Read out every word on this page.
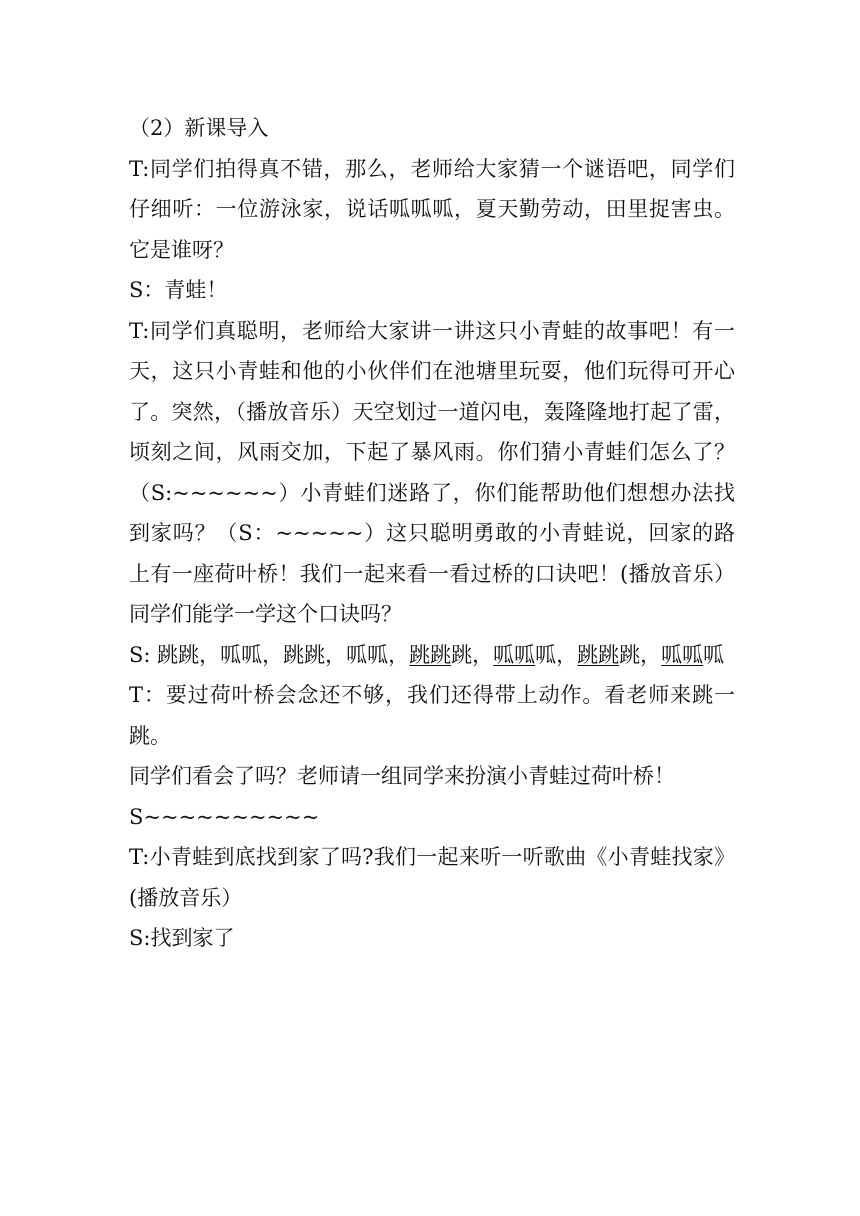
（2）新课导入

T:同学们拍得真不错，那么，老师给大家猜一个谜语吧，同学们仔细听：一位游泳家，说话呱呱呱，夏天勤劳动，田里捉害虫。它是谁呀？

S：青蛙！

T:同学们真聪明，老师给大家讲一讲这只小青蛙的故事吧！有一天，这只小青蛙和他的小伙伴们在池塘里玩耍，他们玩得可开心了。突然，（播放音乐）天空划过一道闪电，轰隆隆地打起了雷，顷刻之间，风雨交加，下起了暴风雨。你们猜小青蛙们怎么了？（S:~~~~~~）小青蛙们迷路了，你们能帮助他们想想办法找到家吗？（S：~~~~~）这只聪明勇敢的小青蛙说，回家的路上有一座荷叶桥！我们一起来看一看过桥的口诀吧！(播放音乐）同学们能学一学这个口诀吗？

S: 跳跳，呱呱，跳跳，呱呱，跳跳跳，呱呱呱，跳跳跳，呱呱呱

T：要过荷叶桥会念还不够，我们还得带上动作。看老师来跳一跳。

同学们看会了吗？老师请一组同学来扮演小青蛙过荷叶桥！

S~~~~~~~~~~

T:小青蛙到底找到家了吗?我们一起来听一听歌曲《小青蛙找家》(播放音乐）

S:找到家了
